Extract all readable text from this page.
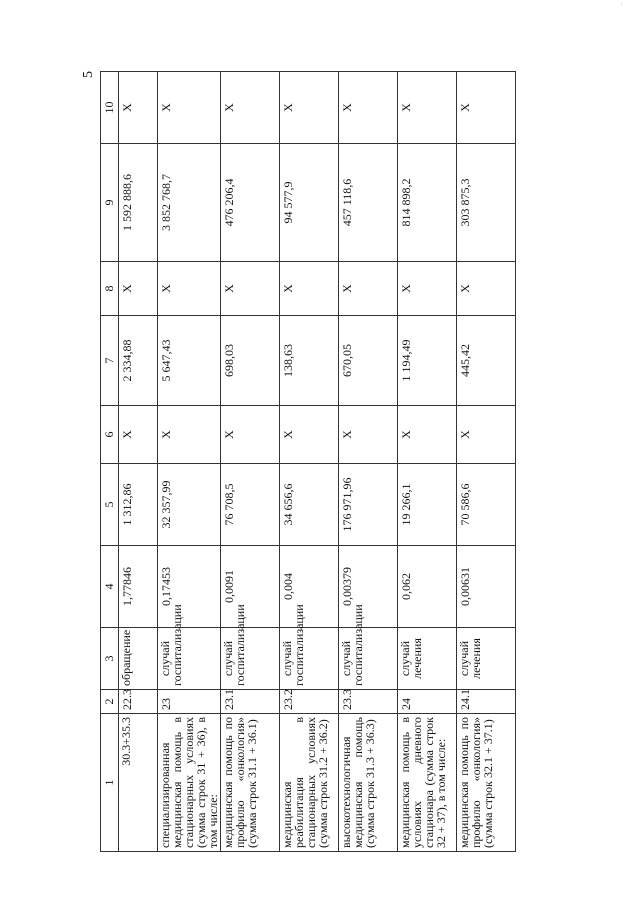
...
5
1	2	3	4	5	6	7	8	9	10
30.3+35.3	22.3	обращение	1,77846	1 312,86	X	2 334,88	X	1 592 888,6	X
специализированная медицинская помощь в стационарных условиях (сумма строк 31 + 36), в том числе:	23	случай госпитализации	0,17453	32 357,99	X	5 647,43	X	3 852 768,7	X
медицинская помощь по профилю «онкология» (сумма строк 31.1 + 36.1)	23.1	случай госпитализации	0,0091	76 708,5	X	698,03	X	476 206,4	X
медицинская реабилитация в стационарных условиях (сумма строк 31.2 + 36.2)	23.2	случай госпитализации	0,004	34 656,6	X	138,63	X	94 577,9	X
высокотехнологичная медицинская помощь (сумма строк 31.3 + 36.3)	23.3	случай госпитализации	0,00379	176 971,96	X	670,05	X	457 118,6	X
медицинская помощь в условиях дневного стационара (сумма строк 32 + 37), в том числе:	24	случай лечения	0,062	19 266,1	X	1 194,49	X	814 898,2	X
медицинская помощь по профилю «онкология» (сумма строк 32.1 + 37.1)	24.1	случай лечения	0,00631	70 586,6	X	445,42	X	303 875,3	X
